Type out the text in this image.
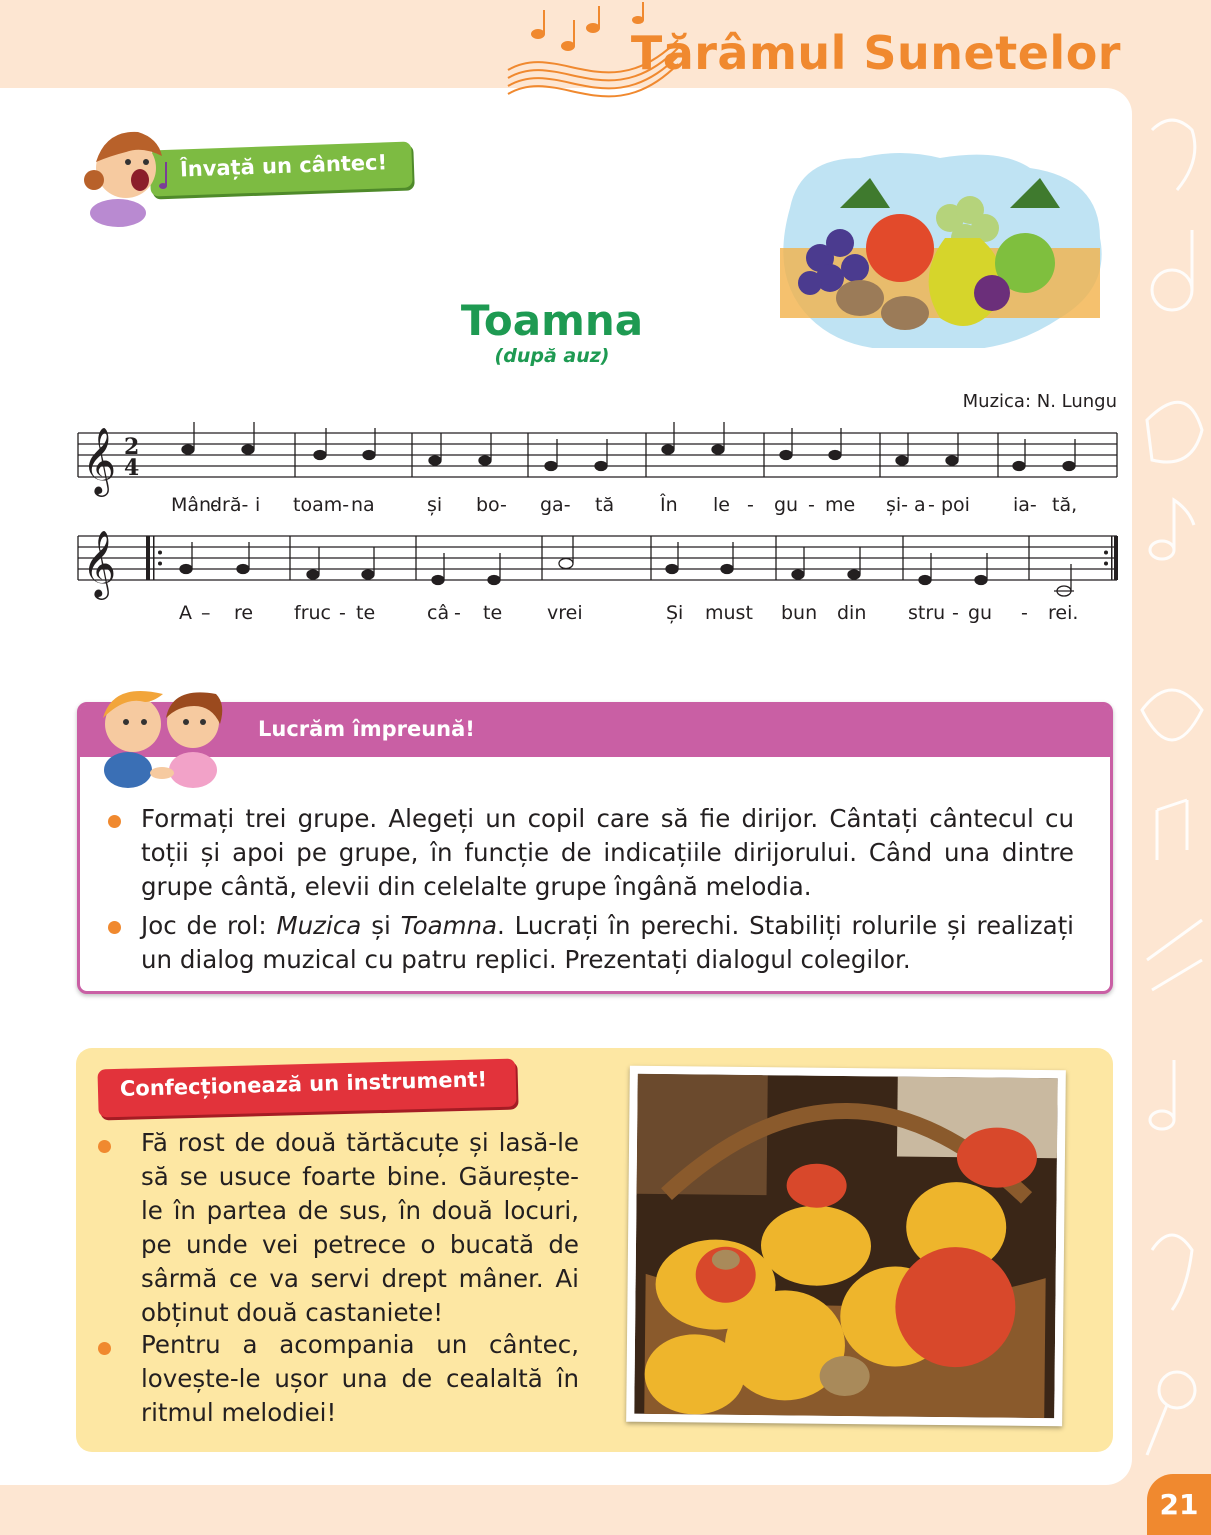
Tărâmul Sunetelor
21
Învață un cântec!
Toamna
(după auz)
Muzica: N. Lungu
𝄞 2
4
𝄞
Mân-
dră- i toam- na	și bo- ga- tă În le - gu - me și- a - poi ia- tă,
A – re fruc - te	câ - te vrei	Și must bun din stru - gu - rei.
Lucrăm împreună!
Formați trei grupe. Alegeți un copil care să fie dirijor. Cântați cântecul cu toții și apoi pe grupe, în funcție de indicațiile dirijorului. Când una dintre grupe cântă, elevii din celelalte grupe îngână melodia.
Joc de rol: Muzica și Toamna. Lucrați în perechi. Stabiliți rolurile și realizați un dialog muzical cu patru replici. Prezentați dialogul colegilor.
Confecționează un instrument!
Fă rost de două tărtăcuțe și lasă-le să se usuce foarte bine. Găurește-le în partea de sus, în două locuri, pe unde vei petrece o bucată de sârmă ce va servi drept mâner. Ai obținut două castaniete!
Pentru a acompania un cântec, lovește-le ușor una de cealaltă în ritmul melodiei!
